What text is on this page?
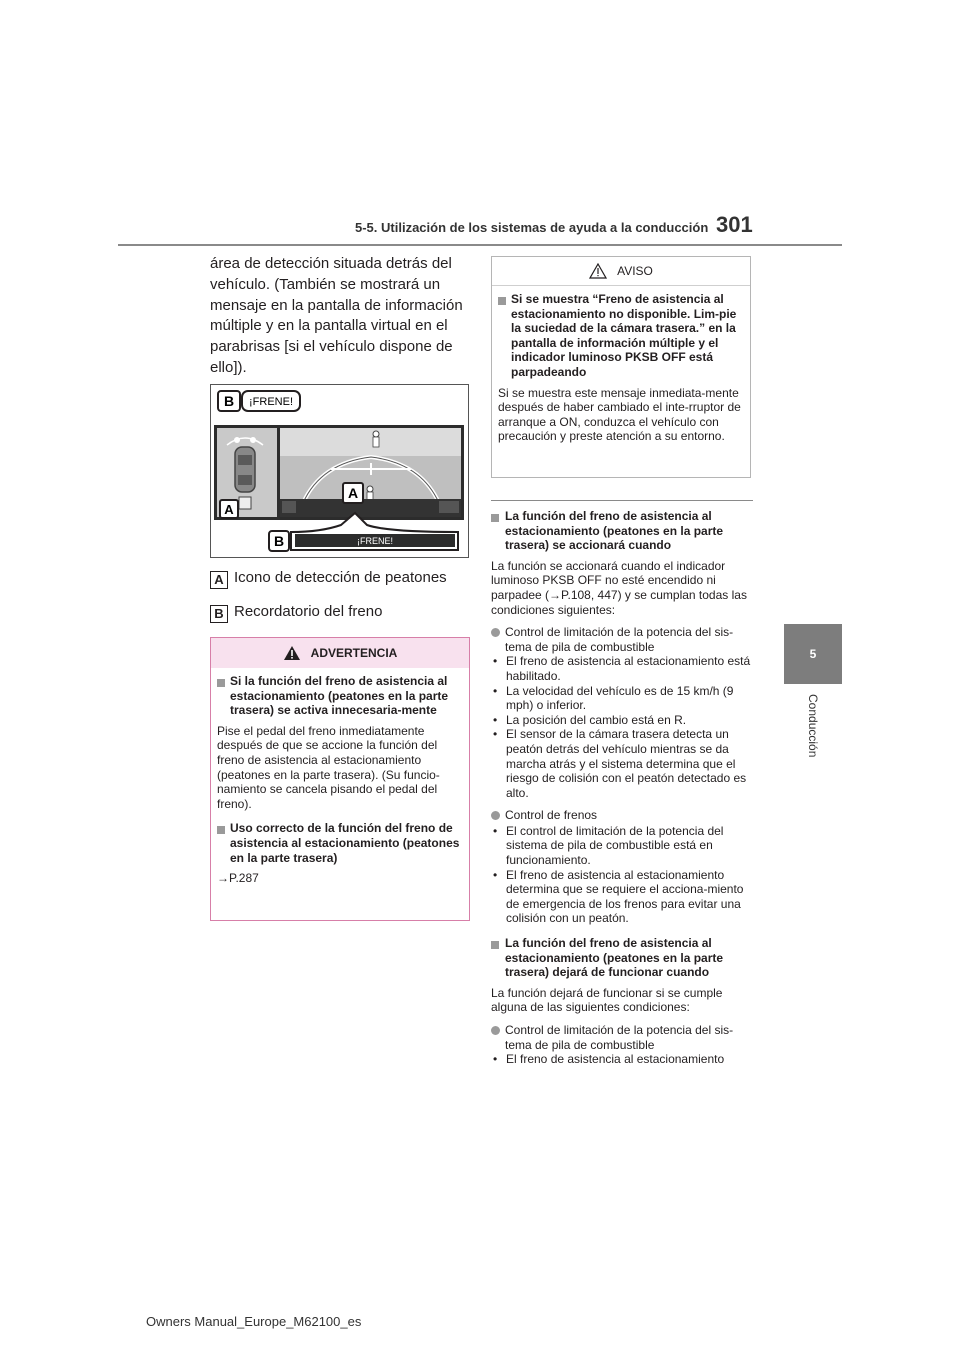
5-5. Utilización de los sistemas de ayuda a la conducción 301
5
Conducción
área de detección situada detrás del vehículo. (También se mostrará un mensaje en la pantalla de información múltiple y en la pantalla virtual en el parabrisas [si el vehículo dispone de ello]).
B ¡FRENE!
A
A
B	¡FRENE!
A Icono de detección de peatones
B Recordatorio del freno
ADVERTENCIA
Si la función del freno de asistencia al estacionamiento (peatones en la parte trasera) se activa innecesaria-mente
Pise el pedal del freno inmediatamente después de que se accione la función del freno de asistencia al estacionamiento (peatones en la parte trasera). (Su funcio-namiento se cancela pisando el pedal del freno).
Uso correcto de la función del freno de asistencia al estacionamiento (peatones en la parte trasera)
→P.287
AVISO
Si se muestra “Freno de asistencia al estacionamiento no disponible. Lim-pie la suciedad de la cámara trasera.” en la pantalla de información múltiple y el indicador luminoso PKSB OFF está parpadeando
Si se muestra este mensaje inmediata-mente después de haber cambiado el inte-rruptor de arranque a ON, conduzca el vehículo con precaución y preste atención a su entorno.
La función del freno de asistencia al estacionamiento (peatones en la parte trasera) se accionará cuando
La función se accionará cuando el indicador luminoso PKSB OFF no esté encendido ni parpadee (→P.108, 447) y se cumplan todas las condiciones siguientes:
Control de limitación de la potencia del sis-tema de pila de combustible
• El freno de asistencia al estacionamiento está habilitado.
• La velocidad del vehículo es de 15 km/h (9 mph) o inferior.
• La posición del cambio está en R.
• El sensor de la cámara trasera detecta un peatón detrás del vehículo mientras se da marcha atrás y el sistema determina que el riesgo de colisión con el peatón detectado es alto.
Control de frenos
• El control de limitación de la potencia del sistema de pila de combustible está en funcionamiento.
• El freno de asistencia al estacionamiento determina que se requiere el acciona-miento de emergencia de los frenos para evitar una colisión con un peatón.
La función del freno de asistencia al estacionamiento (peatones en la parte trasera) dejará de funcionar cuando
La función dejará de funcionar si se cumple alguna de las siguientes condiciones:
Control de limitación de la potencia del sis-tema de pila de combustible
• El freno de asistencia al estacionamiento
Owners Manual_Europe_M62100_es
